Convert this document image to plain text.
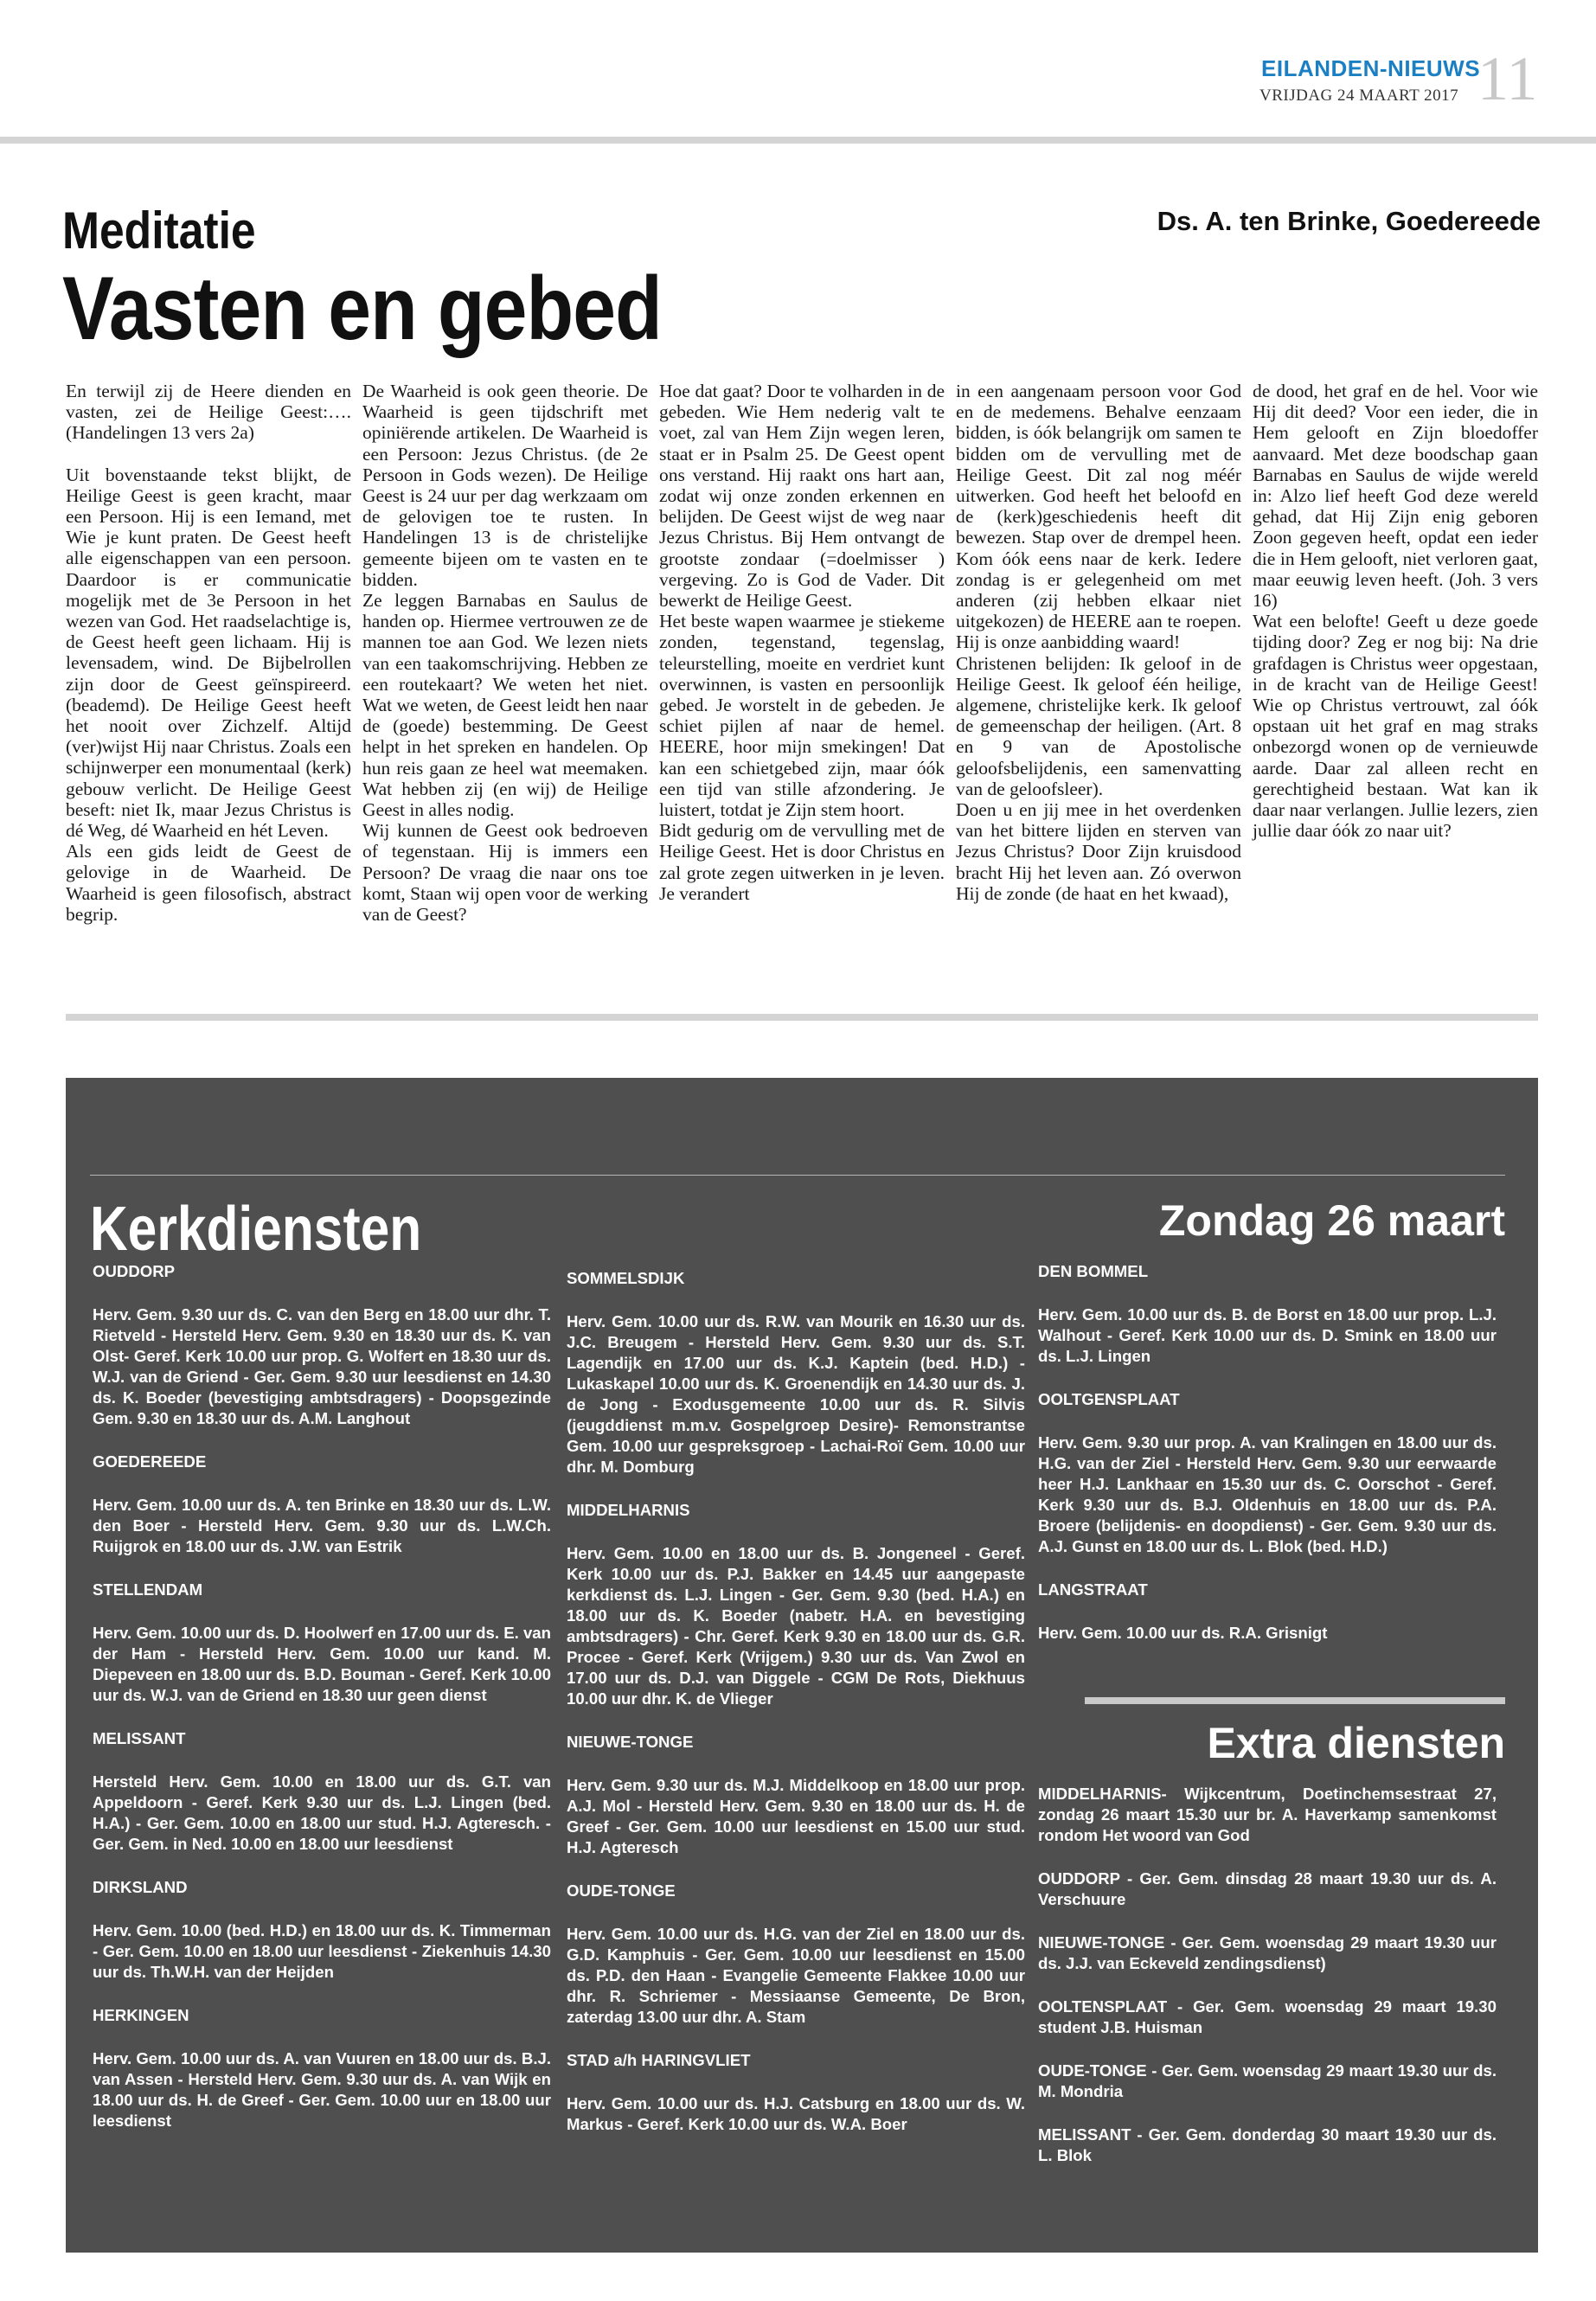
EILANDEN-NIEUWS
VRIJDAG 24 MAART 2017 11
Meditatie
Vasten en gebed
Ds. A. ten Brinke, Goedereede

En terwijl zij de Heere dienden en vasten, zei de Heilige Geest:…. (Handelingen 13 vers 2a)

Uit bovenstaande tekst blijkt, de Heilige Geest is geen kracht, maar een Persoon. Hij is een Iemand, met Wie je kunt praten. De Geest heeft alle eigenschappen van een persoon. Daardoor is er communicatie mogelijk met de 3e Persoon in het wezen van God. Het raadselachtige is, de Geest heeft geen lichaam. Hij is levensadem, wind. De Bijbelrollen zijn door de Geest geïnspireerd. (beademd). De Heilige Geest heeft het nooit over Zichzelf. Altijd (ver)wijst Hij naar Christus. Zoals een schijnwerper een monumentaal (kerk) gebouw verlicht. De Heilige Geest beseft: niet Ik, maar Jezus Christus is dé Weg, dé Waarheid en hét Leven.

Als een gids leidt de Geest de gelovige in de Waarheid. De Waarheid is geen filosofisch, abstract begrip.

De Waarheid is ook geen theorie. De Waarheid is geen tijdschrift met opiniërende artikelen. De Waarheid is een Persoon: Jezus Christus. (de 2e Persoon in Gods wezen). De Heilige Geest is 24 uur per dag werkzaam om de gelovigen toe te rusten. In Handelingen 13 is de christelijke gemeente bijeen om te vasten en te bidden.

Ze leggen Barnabas en Saulus de handen op. Hiermee vertrouwen ze de mannen toe aan God. We lezen niets van een taakomschrijving. Hebben ze een routekaart? We weten het niet. Wat we weten, de Geest leidt hen naar de (goede) bestemming. De Geest helpt in het spreken en handelen. Op hun reis gaan ze heel wat meemaken. Wat hebben zij (en wij) de Heilige Geest in alles nodig.

Wij kunnen de Geest ook bedroeven of tegenstaan. Hij is immers een Persoon? De vraag die naar ons toe komt, Staan wij open voor de werking van de Geest?

Hoe dat gaat? Door te volharden in de gebeden. Wie Hem nederig valt te voet, zal van Hem Zijn wegen leren, staat er in Psalm 25. De Geest opent ons verstand. Hij raakt ons hart aan, zodat wij onze zonden erkennen en belijden. De Geest wijst de weg naar Jezus Christus. Bij Hem ontvangt de grootste zondaar (=doelmisser ) vergeving. Zo is God de Vader. Dit bewerkt de Heilige Geest.

Het beste wapen waarmee je stiekeme zonden, tegenstand, tegenslag, teleurstelling, moeite en verdriet kunt overwinnen, is vasten en persoonlijk gebed. Je worstelt in de gebeden. Je schiet pijlen af naar de hemel. HEERE, hoor mijn smekingen! Dat kan een schietgebed zijn, maar óók een tijd van stille afzondering. Je luistert, totdat je Zijn stem hoort.

Bidt gedurig om de vervulling met de Heilige Geest. Het is door Christus en zal grote zegen uitwerken in je leven. Je verandert

in een aangenaam persoon voor God en de medemens. Behalve eenzaam bidden, is óók belangrijk om samen te bidden om de vervulling met de Heilige Geest. Dit zal nog méér uitwerken. God heeft het beloofd en de (kerk)geschiedenis heeft dit bewezen. Stap over de drempel heen. Kom óók eens naar de kerk. Iedere zondag is er gelegenheid om met anderen (zij hebben elkaar niet uitgekozen) de HEERE aan te roepen. Hij is onze aanbidding waard!

Christenen belijden: Ik geloof in de Heilige Geest. Ik geloof één heilige, algemene, christelijke kerk. Ik geloof de gemeenschap der heiligen. (Art. 8 en 9 van de Apostolische geloofsbelijdenis, een samenvatting van de geloofsleer).

Doen u en jij mee in het overdenken van het bittere lijden en sterven van Jezus Christus? Door Zijn kruisdood bracht Hij het leven aan. Zó overwon Hij de zonde (de haat en het kwaad),

de dood, het graf en de hel. Voor wie Hij dit deed? Voor een ieder, die in Hem gelooft en Zijn bloedoffer aanvaard. Met deze boodschap gaan Barnabas en Saulus de wijde wereld in: Alzo lief heeft God deze wereld gehad, dat Hij Zijn enig geboren Zoon gegeven heeft, opdat een ieder die in Hem gelooft, niet verloren gaat, maar eeuwig leven heeft. (Joh. 3 vers 16)

Wat een belofte! Geeft u deze goede tijding door? Zeg er nog bij: Na drie grafdagen is Christus weer opgestaan, in de kracht van de Heilige Geest! Wie op Christus vertrouwt, zal óók opstaan uit het graf en mag straks onbezorgd wonen op de vernieuwde aarde. Daar zal alleen recht en gerechtigheid bestaan. Wat kan ik daar naar verlangen. Jullie lezers, zien jullie daar óók zo naar uit?

Kerkdiensten	Zondag 26 maart
OUDDORP
Herv. Gem. 9.30 uur ds. C. van den Berg en 18.00 uur dhr. T. Rietveld - Hersteld Herv. Gem. 9.30 en 18.30 uur ds. K. van Olst- Geref. Kerk 10.00 uur prop. G. Wolfert en 18.30 uur ds. W.J. van de Griend - Ger. Gem. 9.30 uur leesdienst en 14.30 ds. K. Boeder (bevestiging ambtsdragers) - Doopsgezinde Gem. 9.30 en 18.30 uur ds. A.M. Langhout
GOEDEREEDE
Herv. Gem. 10.00 uur ds. A. ten Brinke en 18.30 uur ds. L.W. den Boer - Hersteld Herv. Gem. 9.30 uur ds. L.W.Ch. Ruijgrok en 18.00 uur ds. J.W. van Estrik
STELLENDAM
Herv. Gem. 10.00 uur ds. D. Hoolwerf en 17.00 uur ds. E. van der Ham - Hersteld Herv. Gem. 10.00 uur kand. M. Diepeveen en 18.00 uur ds. B.D. Bouman - Geref. Kerk 10.00 uur ds. W.J. van de Griend en 18.30 uur geen dienst
MELISSANT
Hersteld Herv. Gem. 10.00 en 18.00 uur ds. G.T. van Appeldoorn - Geref. Kerk 9.30 uur ds. L.J. Lingen (bed. H.A.) - Ger. Gem. 10.00 en 18.00 uur stud. H.J. Agteresch. - Ger. Gem. in Ned. 10.00 en 18.00 uur leesdienst
DIRKSLAND
Herv. Gem. 10.00 (bed. H.D.) en 18.00 uur ds. K. Timmerman - Ger. Gem. 10.00 en 18.00 uur leesdienst - Ziekenhuis 14.30 uur ds. Th.W.H. van der Heijden
HERKINGEN
Herv. Gem. 10.00 uur ds. A. van Vuuren en 18.00 uur ds. B.J. van Assen - Hersteld Herv. Gem. 9.30 uur ds. A. van Wijk en 18.00 uur ds. H. de Greef - Ger. Gem. 10.00 uur en 18.00 uur leesdienst
SOMMELSDIJK
Herv. Gem. 10.00 uur ds. R.W. van Mourik en 16.30 uur ds. J.C. Breugem - Hersteld Herv. Gem. 9.30 uur ds. S.T. Lagendijk en 17.00 uur ds. K.J. Kaptein (bed. H.D.) - Lukaskapel 10.00 uur ds. K. Groenendijk en 14.30 uur ds. J. de Jong - Exodusgemeente 10.00 uur ds. R. Silvis (jeugddienst m.m.v. Gospelgroep Desire)- Remonstrantse Gem. 10.00 uur gespreksgroep - Lachai-Roï Gem. 10.00 uur dhr. M. Domburg
MIDDELHARNIS
Herv. Gem. 10.00 en 18.00 uur ds. B. Jongeneel - Geref. Kerk 10.00 uur ds. P.J. Bakker en 14.45 uur aangepaste kerkdienst ds. L.J. Lingen - Ger. Gem. 9.30 (bed. H.A.) en 18.00 uur ds. K. Boeder (nabetr. H.A. en bevestiging ambtsdragers) - Chr. Geref. Kerk 9.30 en 18.00 uur ds. G.R. Procee - Geref. Kerk (Vrijgem.) 9.30 uur ds. Van Zwol en 17.00 uur ds. D.J. van Diggele - CGM De Rots, Diekhuus 10.00 uur dhr. K. de Vlieger
NIEUWE-TONGE
Herv. Gem. 9.30 uur ds. M.J. Middelkoop en 18.00 uur prop. A.J. Mol - Hersteld Herv. Gem. 9.30 en 18.00 uur ds. H. de Greef - Ger. Gem. 10.00 uur leesdienst en 15.00 uur stud. H.J. Agteresch
OUDE-TONGE
Herv. Gem. 10.00 uur ds. H.G. van der Ziel en 18.00 uur ds. G.D. Kamphuis - Ger. Gem. 10.00 uur leesdienst en 15.00 ds. P.D. den Haan - Evangelie Gemeente Flakkee 10.00 uur dhr. R. Schriemer - Messiaanse Gemeente, De Bron, zaterdag 13.00 uur dhr. A. Stam
STAD a/h HARINGVLIET
Herv. Gem. 10.00 uur ds. H.J. Catsburg en 18.00 uur ds. W. Markus - Geref. Kerk 10.00 uur ds. W.A. Boer
DEN BOMMEL
Herv. Gem. 10.00 uur ds. B. de Borst en 18.00 uur prop. L.J. Walhout - Geref. Kerk 10.00 uur ds. D. Smink en 18.00 uur ds. L.J. Lingen
OOLTGENSPLAAT
Herv. Gem. 9.30 uur prop. A. van Kralingen en 18.00 uur ds. H.G. van der Ziel - Hersteld Herv. Gem. 9.30 uur eerwaarde heer H.J. Lankhaar en 15.30 uur ds. C. Oorschot - Geref. Kerk 9.30 uur ds. B.J. Oldenhuis en 18.00 uur ds. P.A. Broere (belijdenis- en doopdienst) - Ger. Gem. 9.30 uur ds. A.J. Gunst en 18.00 uur ds. L. Blok (bed. H.D.)
LANGSTRAAT
Herv. Gem. 10.00 uur ds. R.A. Grisnigt
Extra diensten
MIDDELHARNIS- Wijkcentrum, Doetinchemsestraat 27, zondag 26 maart 15.30 uur br. A. Haverkamp samenkomst rondom Het woord van God
OUDDORP - Ger. Gem. dinsdag 28 maart 19.30 uur ds. A. Verschuure
NIEUWE-TONGE - Ger. Gem. woensdag 29 maart 19.30 uur ds. J.J. van Eckeveld zendingsdienst)
OOLTENSPLAAT - Ger. Gem. woensdag 29 maart 19.30 student J.B. Huisman
OUDE-TONGE - Ger. Gem. woensdag 29 maart 19.30 uur ds. M. Mondria
MELISSANT - Ger. Gem. donderdag 30 maart 19.30 uur ds. L. Blok
